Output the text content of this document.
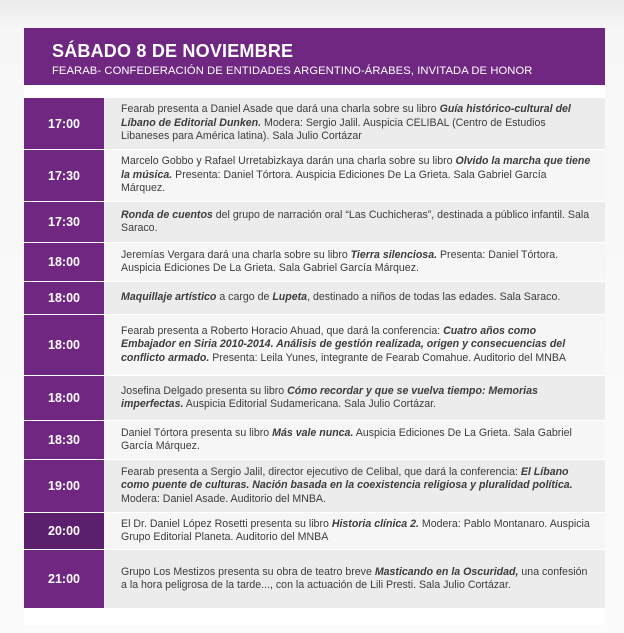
SÁBADO 8 DE NOVIEMBRE
FEARAB- CONFEDERACIÓN DE ENTIDADES ARGENTINO-ÁRABES, INVITADA DE HONOR
17:00
Fearab presenta a Daniel Asade que dará una charla sobre su libro Guía histórico-cultural del Líbano de Editorial Dunken. Modera: Sergio Jalil. Auspicia CELIBAL (Centro de Estudios Libaneses para América latina). Sala Julio Cortázar
17:30
Marcelo Gobbo y Rafael Urretabizkaya darán una charla sobre su libro Olvido la marcha que tiene la música. Presenta: Daniel Tórtora. Auspicia Ediciones De La Grieta. Sala Gabriel García Márquez.
17:30
Ronda de cuentos del grupo de narración oral “Las Cuchicheras”, destinada a público infantil. Sala Saraco.
18:00
Jeremías Vergara dará una charla sobre su libro Tierra silenciosa. Presenta: Daniel Tórtora. Auspicia Ediciones De La Grieta. Sala Gabriel García Márquez.
18:00	Maquillaje artístico a cargo de Lupeta, destinado a niños de todas las edades. Sala Saraco.
18:00
Fearab presenta a Roberto Horacio Ahuad, que dará la conferencia: Cuatro años como Embajador en Siria 2010-2014. Análisis de gestión realizada, origen y consecuencias del conflicto armado. Presenta: Leila Yunes, integrante de Fearab Comahue. Auditorio del MNBA
18:00
Josefina Delgado presenta su libro Cómo recordar y que se vuelva tiempo: Memorias imperfectas. Auspicia Editorial Sudamericana. Sala Julio Cortázar.
18:30
Daniel Tórtora presenta su libro Más vale nunca. Auspicia Ediciones De La Grieta. Sala Gabriel García Márquez.
19:00
Fearab presenta a Sergio Jalil, director ejecutivo de Celibal, que dará la conferencia: El Líbano como puente de culturas. Nación basada en la coexistencia religiosa y pluralidad política. Modera: Daniel Asade. Auditorio del MNBA.
20:00
El Dr. Daniel López Rosetti presenta su libro Historia clínica 2. Modera: Pablo Montanaro. Auspicia Grupo Editorial Planeta. Auditorio del MNBA
21:00
Grupo Los Mestizos presenta su obra de teatro breve Masticando en la Oscuridad, una confesión a la hora peligrosa de la tarde..., con la actuación de Lili Presti. Sala Julio Cortázar.
